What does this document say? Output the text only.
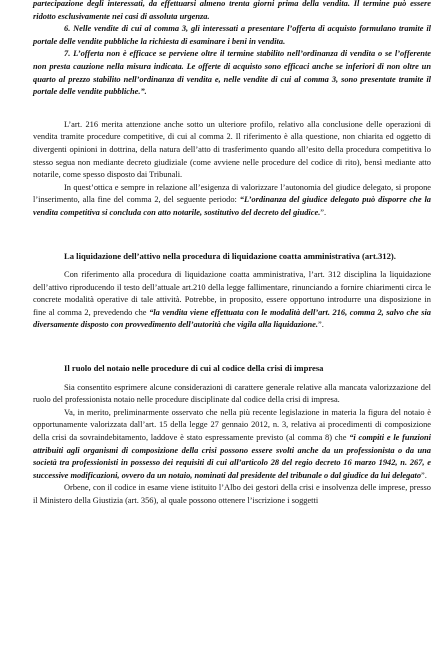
partecipazione degli interessati, da effettuarsi almeno trenta giorni prima della vendita. Il termine può essere ridotto esclusivamente nei casi di assoluta urgenza.

6. Nelle vendite di cui al comma 3, gli interessati a presentare l’offerta di acquisto formulano tramite il portale delle vendite pubbliche la richiesta di esaminare i beni in vendita.

7. L’offerta non è efficace se perviene oltre il termine stabilito nell’ordinanza di vendita o se l’offerente non presta cauzione nella misura indicata. Le offerte di acquisto sono efficaci anche se inferiori di non oltre un quarto al prezzo stabilito nell’ordinanza di vendita e, nelle vendite di cui al comma 3, sono presentate tramite il portale delle vendite pubbliche.”.

L’art. 216 merita attenzione anche sotto un ulteriore profilo, relativo alla conclusione delle operazioni di vendita tramite procedure competitive, di cui al comma 2. Il riferimento è alla questione, non chiarita ed oggetto di divergenti opinioni in dottrina, della natura dell’atto di trasferimento quando all’esito della procedura competitiva lo stesso segua non mediante decreto giudiziale (come avviene nelle procedure del codice di rito), bensì mediante atto notarile, come spesso disposto dai Tribunali.

In quest’ottica e sempre in relazione all’esigenza di valorizzare l’autonomia del giudice delegato, si propone l’inserimento, alla fine del comma 2, del seguente periodo: “L’ordinanza del giudice delegato può disporre che la vendita competitiva si concluda con atto notarile, sostitutivo del decreto del giudice.”.

La liquidazione dell’attivo nella procedura di liquidazione coatta amministrativa (art.312).

Con riferimento alla procedura di liquidazione coatta amministrativa, l’art. 312 disciplina la liquidazione dell’attivo riproducendo il testo dell’attuale art.210 della legge fallimentare, rinunciando a fornire chiarimenti circa le concrete modalità operative di tale attività. Potrebbe, in proposito, essere opportuno introdurre una disposizione in fine al comma 2, prevedendo che “la vendita viene effettuata con le modalità dell’art. 216, comma 2, salvo che sia diversamente disposto con provvedimento dell’autorità che vigila alla liquidazione.”.

Il ruolo del notaio nelle procedure di cui al codice della crisi di impresa

Sia consentito esprimere alcune considerazioni di carattere generale relative alla mancata valorizzazione del ruolo del professionista notaio nelle procedure disciplinate dal codice della crisi di impresa.

Va, in merito, preliminarmente osservato che nella più recente legislazione in materia la figura del notaio è opportunamente valorizzata dall’art. 15 della legge 27 gennaio 2012, n. 3, relativa ai procedimenti di composizione della crisi da sovraindebitamento, laddove è stato espressamente previsto (al comma 8) che “i compiti e le funzioni attribuiti agli organismi di composizione della crisi possono essere svolti anche da un professionista o da una società tra professionisti in possesso dei requisiti di cui all’articolo 28 del regio decreto 16 marzo 1942, n. 267, e successive modificazioni, ovvero da un notaio, nominati dal presidente del tribunale o dal giudice da lui delegato”.

Orbene, con il codice in esame viene istituito l’Albo dei gestori della crisi e insolvenza delle imprese, presso il Ministero della Giustizia (art. 356), al quale possono ottenere l’iscrizione i soggetti
